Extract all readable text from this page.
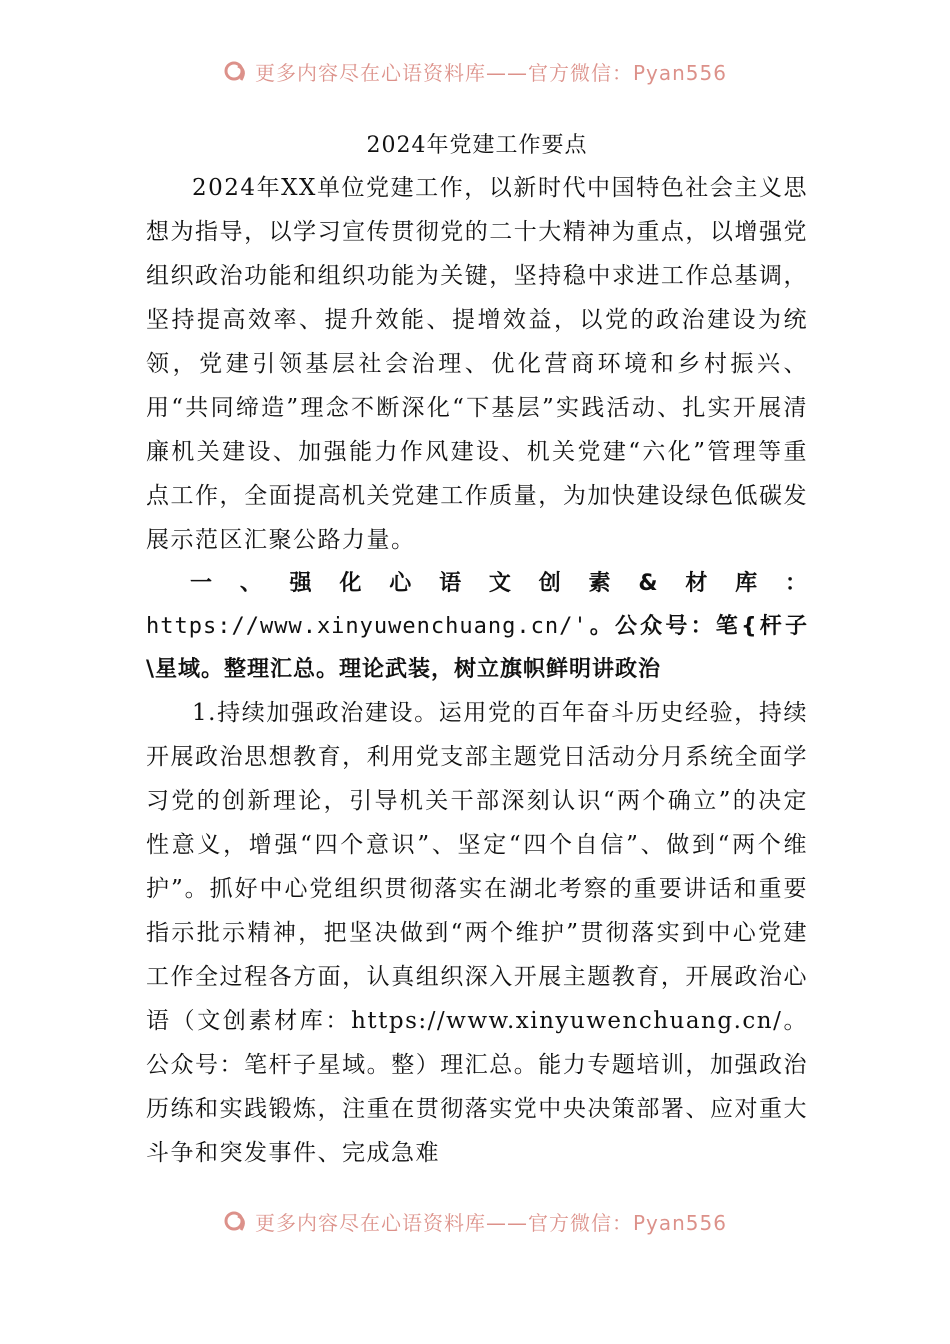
更多内容尽在心语资料库——官方微信：Pyan556
2024年党建工作要点

2024年XX单位党建工作，以新时代中国特色社会主义思想为指导，以学习宣传贯彻党的二十大精神为重点，以增强党组织政治功能和组织功能为关键，坚持稳中求进工作总基调，坚持提高效率、提升效能、提增效益，以党的政治建设为统领，党建引领基层社会治理、优化营商环境和乡村振兴、用“共同缔造”理念不断深化“下基层”实践活动、扎实开展清廉机关建设、加强能力作风建设、机关党建“六化”管理等重点工作，全面提高机关党建工作质量，为加快建设绿色低碳发展示范区汇聚公路力量。

一、强化心语文创素&材库：https://www.xinyuwenchuang.cn/'。公众号：笔{杆子\星域。整理汇总。理论武装，树立旗帜鲜明讲政治

1.持续加强政治建设。运用党的百年奋斗历史经验，持续开展政治思想教育，利用党支部主题党日活动分月系统全面学习党的创新理论，引导机关干部深刻认识“两个确立”的决定性意义，增强“四个意识”、坚定“四个自信”、做到“两个维护”。抓好中心党组织贯彻落实在湖北考察的重要讲话和重要指示批示精神，把坚决做到“两个维护”贯彻落实到中心党建工作全过程各方面，认真组织深入开展主题教育，开展政治心语（文创素材库：https://www.xinyuwenchuang.cn/。公众号：笔杆子星域。整）理汇总。能力专题培训，加强政治历练和实践锻炼，注重在贯彻落实党中央决策部署、应对重大斗争和突发事件、完成急难

更多内容尽在心语资料库——官方微信：Pyan556
